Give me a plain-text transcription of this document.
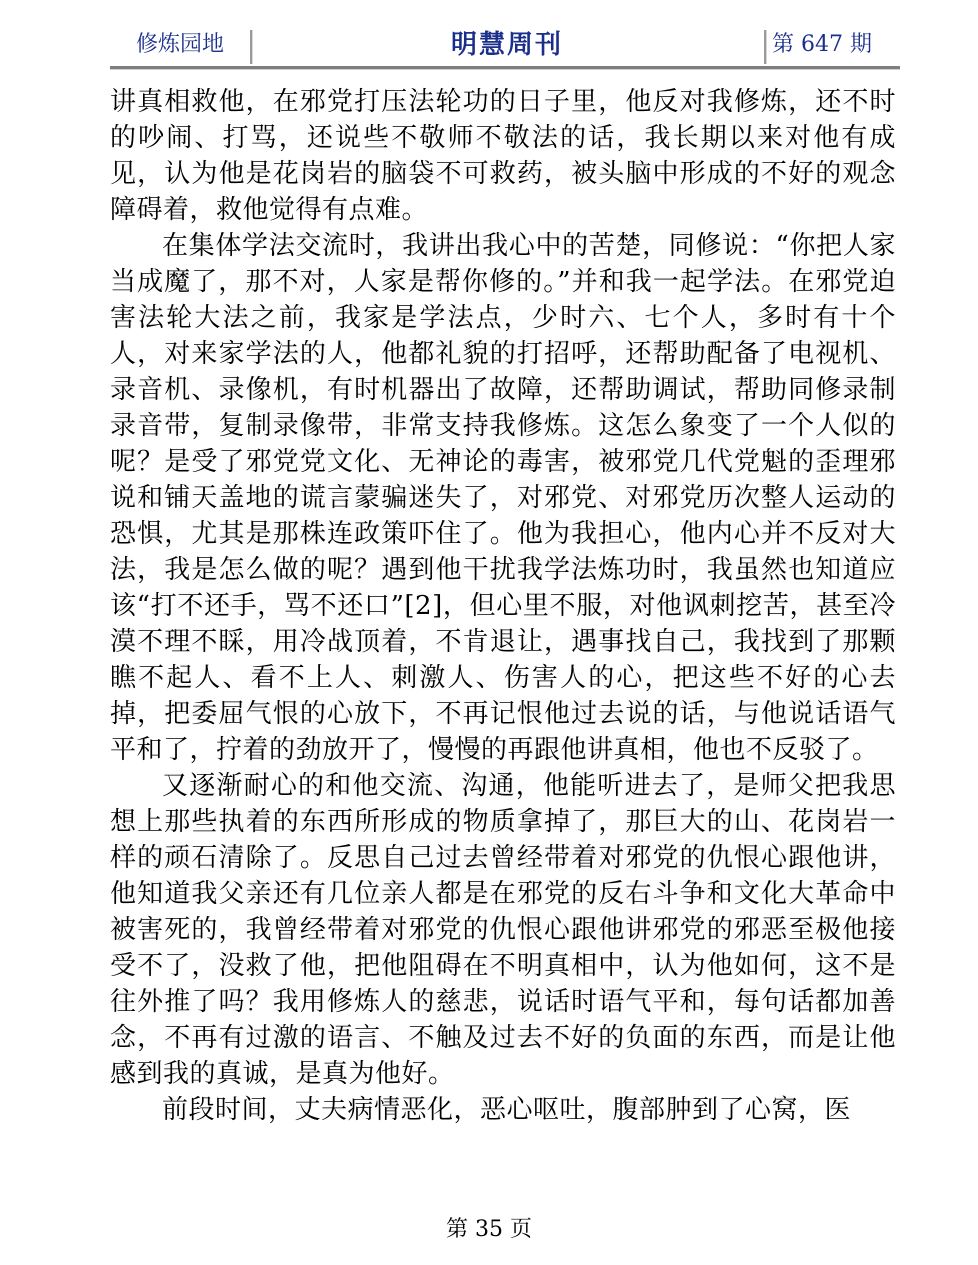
修炼园地	明慧周刊	第 647 期

讲真相救他，在邪党打压法轮功的日子里，他反对我修炼，还不时的吵闹、打骂，还说些不敬师不敬法的话，我长期以来对他有成见，认为他是花岗岩的脑袋不可救药，被头脑中形成的不好的观念障碍着，救他觉得有点难。

在集体学法交流时，我讲出我心中的苦楚，同修说：“你把人家当成魔了，那不对，人家是帮你修的。”并和我一起学法。在邪党迫害法轮大法之前，我家是学法点，少时六、七个人，多时有十个人，对来家学法的人，他都礼貌的打招呼，还帮助配备了电视机、录音机、录像机，有时机器出了故障，还帮助调试，帮助同修录制录音带，复制录像带，非常支持我修炼。这怎么象变了一个人似的呢？是受了邪党党文化、无神论的毒害，被邪党几代党魁的歪理邪说和铺天盖地的谎言蒙骗迷失了，对邪党、对邪党历次整人运动的恐惧，尤其是那株连政策吓住了。他为我担心，他内心并不反对大法，我是怎么做的呢？遇到他干扰我学法炼功时，我虽然也知道应该“打不还手，骂不还口”[2]，但心里不服，对他讽刺挖苦，甚至冷漠不理不睬，用冷战顶着，不肯退让，遇事找自己，我找到了那颗瞧不起人、看不上人、刺激人、伤害人的心，把这些不好的心去掉，把委屈气恨的心放下，不再记恨他过去说的话，与他说话语气平和了，拧着的劲放开了，慢慢的再跟他讲真相，他也不反驳了。

又逐渐耐心的和他交流、沟通，他能听进去了，是师父把我思想上那些执着的东西所形成的物质拿掉了，那巨大的山、花岗岩一样的顽石清除了。反思自己过去曾经带着对邪党的仇恨心跟他讲，他知道我父亲还有几位亲人都是在邪党的反右斗争和文化大革命中被害死的，我曾经带着对邪党的仇恨心跟他讲邪党的邪恶至极他接受不了，没救了他，把他阻碍在不明真相中，认为他如何，这不是往外推了吗？我用修炼人的慈悲，说话时语气平和，每句话都加善念，不再有过激的语言、不触及过去不好的负面的东西，而是让他感到我的真诚，是真为他好。

前段时间，丈夫病情恶化，恶心呕吐，腹部肿到了心窝，医

第 35 页
